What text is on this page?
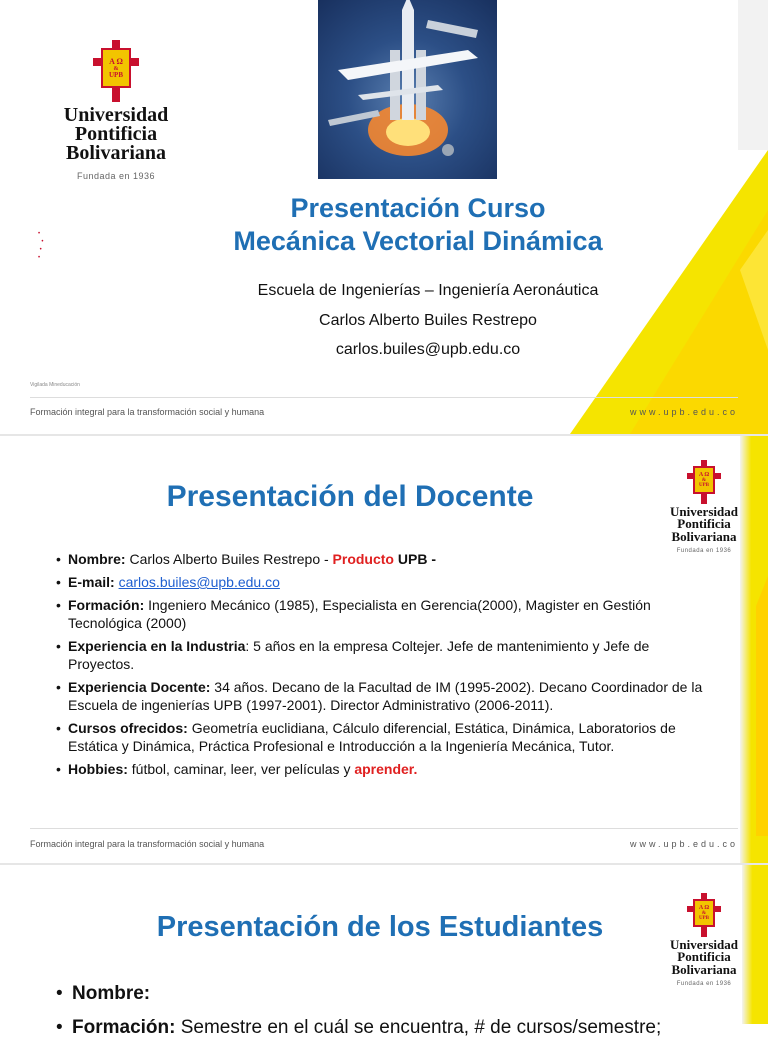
A Ω
&
UPB
Universidad
Pontificia
Bolivariana
Fundada en 1936
•
•
•
•
Presentación Curso
Mecánica Vectorial Dinámica
Escuela de Ingenierías – Ingeniería Aeronáutica
Carlos Alberto Builes Restrepo
carlos.builes@upb.edu.co
Vigilada Mineducación
Formación integral para la transformación social y humana	www.upb.edu.co
Presentación del Docente
A Ω
&
UPB
Universidad
Pontificia
Bolivariana
Fundada en 1936
• Nombre: Carlos Alberto Builes Restrepo - Producto UPB -
• E-mail: carlos.builes@upb.edu.co
• Formación: Ingeniero Mecánico (1985), Especialista en Gerencia(2000), Magister en Gestión Tecnológica (2000)
• Experiencia en la Industria: 5 años en la empresa Coltejer. Jefe de mantenimiento y Jefe de Proyectos.
• Experiencia Docente: 34 años. Decano de la Facultad de IM (1995-2002). Decano Coordinador de la Escuela de ingenierías UPB (1997-2001). Director Administrativo (2006-2011).
• Cursos ofrecidos: Geometría euclidiana, Cálculo diferencial, Estática, Dinámica, Laboratorios de Estática y Dinámica, Práctica Profesional e Introducción a la Ingeniería Mecánica, Tutor.
• Hobbies: fútbol, caminar, leer, ver películas y aprender.
Formación integral para la transformación social y humana	www.upb.edu.co
Presentación de los Estudiantes
A Ω
&
UPB
Universidad
Pontificia
Bolivariana
Fundada en 1936
• Nombre:
• Formación: Semestre en el cuál se encuentra, # de cursos/semestre;
